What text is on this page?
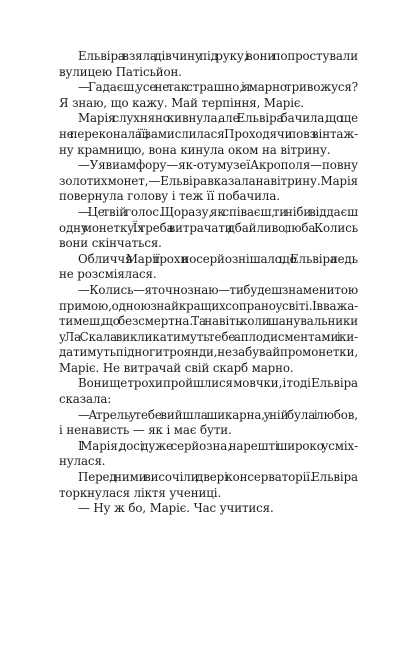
Ельвіра взяла дівчину під руку, і вони попростували
вулицею Патісьйон.

— Гадаєш, усе не так страшно, і я марно тривожуся?
Я знаю, що кажу. Май терпіння, Маріє.

Марія слухняно кивнула, але Ельвіра бачила, що ще
не переконала її, і замислилася. Проходячи повз вінтаж-
ну крамницю, вона кинула оком на вітрину.

— Уяви амфору — як-от у музеї Акрополя — повну
золотих монет, — Ельвіра вказала на вітрину. Марія
повернула голову і теж її побачила.

— Це твій голос. Щоразу, як співаєш, ти ніби віддаєш
одну монетку. Їх треба витрачати дбайливо, люба. Колись
вони скінчаться.

Обличчя Марії трохи посерйознішало, що Ельвіра ледь
не розсміялася.

— Колись — я точно знаю — ти будеш знаменитою
примою, одною з найкращих сопрано у світі. І вважа-
тимеш, що безсмертна. Та навіть коли шанувальники
у Ла Скала викликатимуть тебе аплодисментами і ки-
датимуть під ноги троянди, не забувай про монетки,
Маріє. Не витрачай свій скарб марно.

Вони ще трохи пройшлися мовчки, і тоді Ельвіра
сказала:

— А трель у тебе вийшла шикарна, у ній була і любов,
і ненависть — як і має бути.

І Марія, досі дуже серйозна, нарешті широко усміх-
нулася.

Перед ними височіли двері консерваторії. Ельвіра
торкнулася ліктя учениці.

— Ну ж бо, Маріє. Час учитися.
